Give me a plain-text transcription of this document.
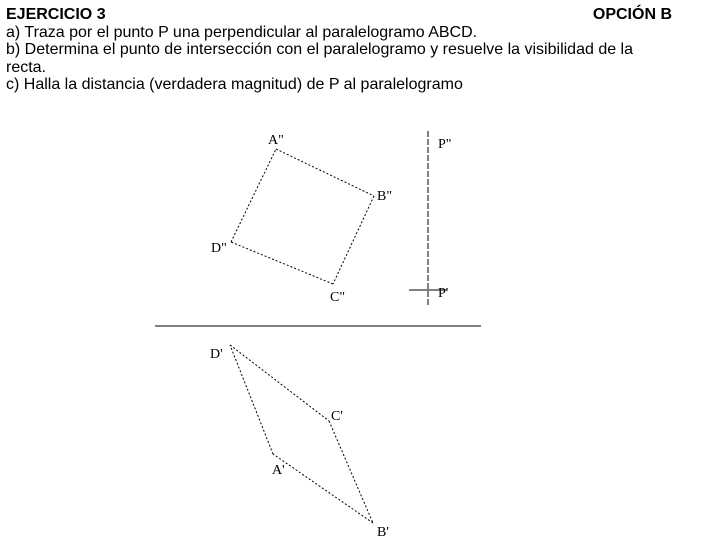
EJERCICIO 3	OPCIÓN B
a) Traza por el punto P una perpendicular al paralelogramo ABCD.
b) Determina el punto de intersección con el paralelogramo y resuelve la visibilidad de la
recta.
c) Halla la distancia (verdadera magnitud) de P al paralelogramo
A"
B"
C"
D"
P"
P'
D'
C'
A'
B'
